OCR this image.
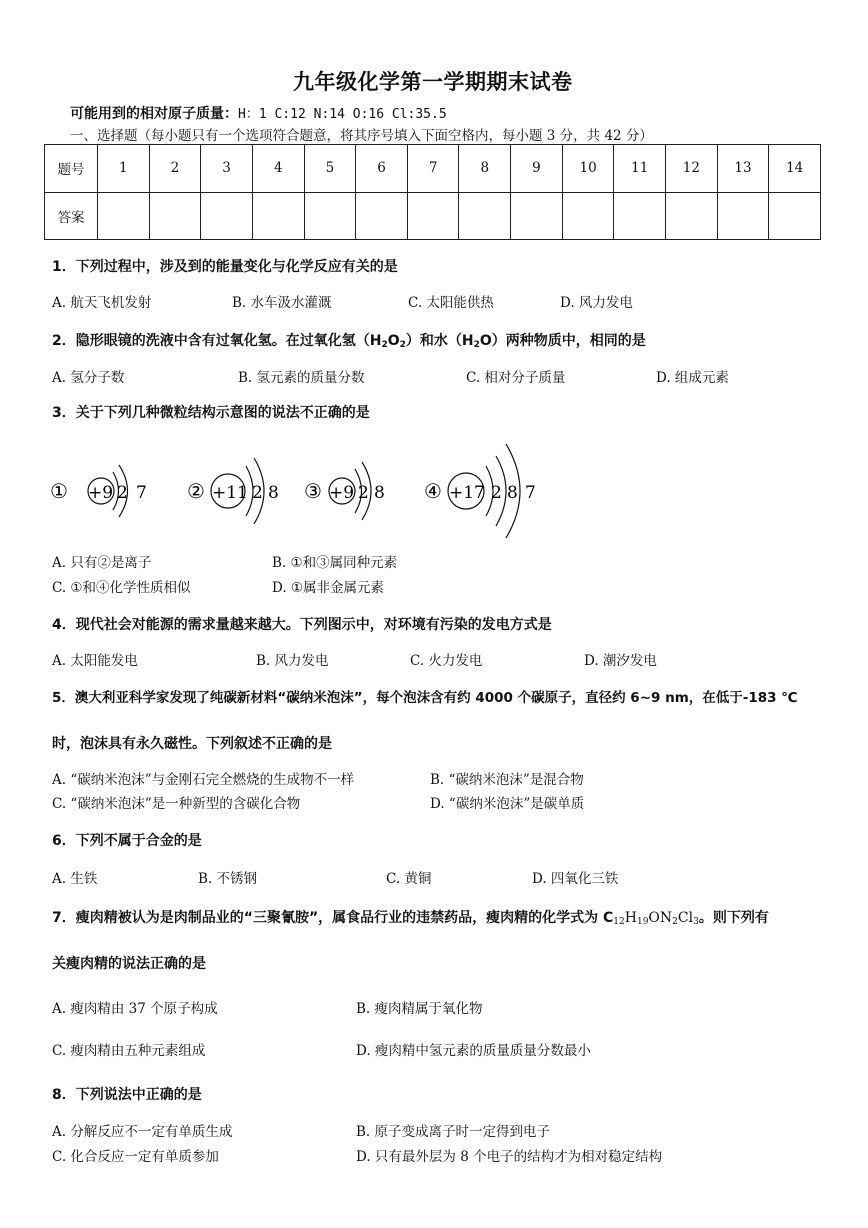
九年级化学第一学期期末试卷
可能用到的相对原子质量：H：1 C:12 N:14 O:16 Cl:35.5
一、选择题（每小题只有一个选项符合题意，将其序号填入下面空格内，每小题 3 分，共 42 分）
题号	1	2	3	4	5	6	7	8	9	10	11	12	13	14
答案														
1．下列过程中，涉及到的能量变化与化学反应有关的是
A. 航天飞机发射	B. 水车汲水灌溉	C. 太阳能供热	D. 风力发电
2．隐形眼镜的洗液中含有过氧化氢。在过氧化氢$(H_2O_2)$和水$(H_2O)$两种物质中，相同的是
A. 氢分子数	B. 氢元素的质量分数	C. 相对分子质量	D. 组成元素
3．关于下列几种微粒结构示意图的说法不正确的是
① +9 2 7 ② +11 2 8 ③ +9 2 8 ④ +17 2 8 7
A. 只有②是离子	B. ①和③属同种元素
C. ①和④化学性质相似	D. ①属非金属元素
4．现代社会对能源的需求量越来越大。下列图示中，对环境有污染的发电方式是
A. 太阳能发电	B. 风力发电	C. 火力发电	D. 潮汐发电
5．澳大利亚科学家发现了纯碳新材料“碳纳米泡沫”，每个泡沫含有约 4000 个碳原子，直径约 6~9 nm，在低于-183 ℃
时，泡沫具有永久磁性。下列叙述不正确的是
A. “碳纳米泡沫”与金刚石完全燃烧的生成物不一样	B. “碳纳米泡沫”是混合物
C. “碳纳米泡沫”是一种新型的含碳化合物	D. “碳纳米泡沫”是碳单质
6．下列不属于合金的是
A. 生铁	B. 不锈钢	C. 黄铜	D. 四氧化三铁
7．瘦肉精被认为是肉制品业的“三聚氰胺”，属食品行业的违禁药品，瘦肉精的化学式为 $C_{12}H_{19}ON_2Cl_3$。则下列有
关瘦肉精的说法正确的是
A. 瘦肉精由 37 个原子构成	B. 瘦肉精属于氧化物
C. 瘦肉精由五种元素组成	D. 瘦肉精中氢元素的质量质量分数最小
8．下列说法中正确的是
A. 分解反应不一定有单质生成	B. 原子变成离子时一定得到电子
C. 化合反应一定有单质参加	D. 只有最外层为 8 个电子的结构才为相对稳定结构
